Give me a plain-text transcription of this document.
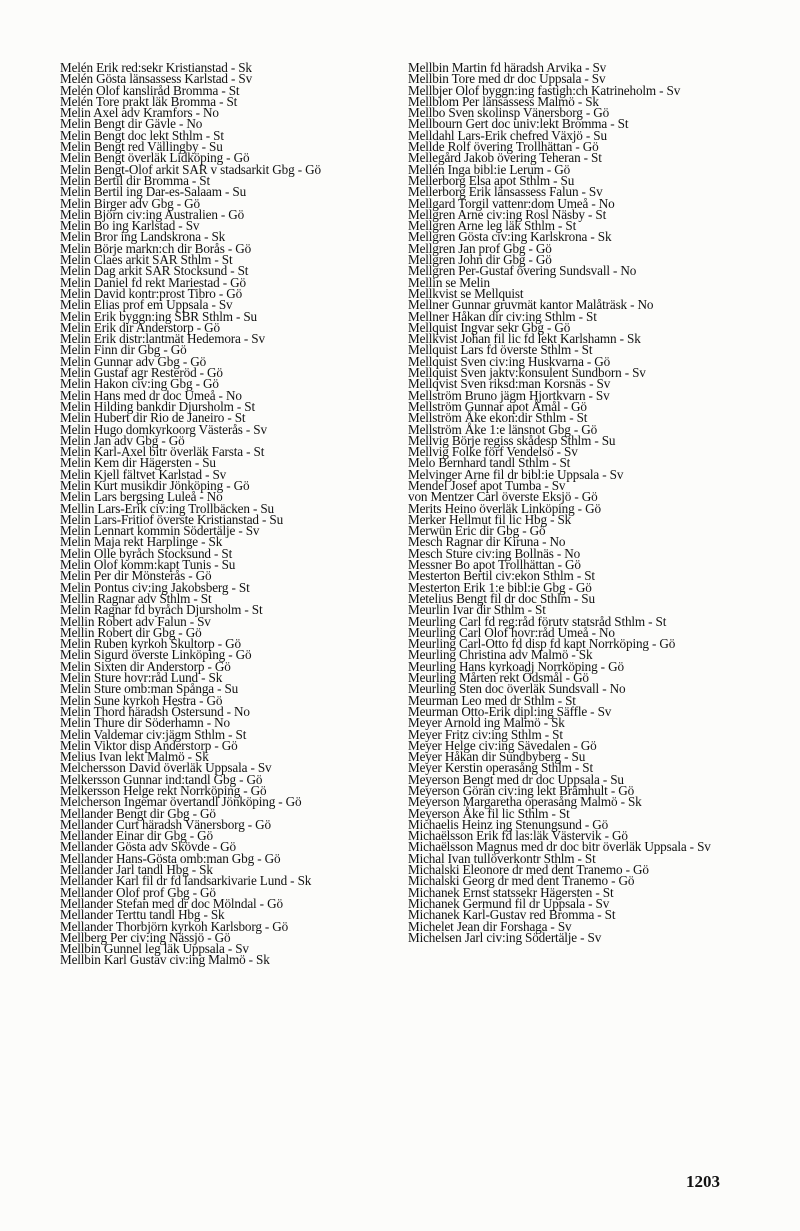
Melén Erik red:sekr Kristianstad - Sk
Melén Gösta länsassess Karlstad - Sv
Melén Olof kansliråd Bromma - St
Melén Tore prakt läk Bromma - St
Melin Axel adv Kramfors - No
Melin Bengt dir Gävle - No
Melin Bengt doc lekt Sthlm - St
Melin Bengt red Vällingby - Su
Melin Bengt överläk Lidköping - Gö
Melin Bengt-Olof arkit SAR v stadsarkit Gbg - Gö
Melin Bertil dir Bromma - St
Melin Bertil ing Dar-es-Salaam - Su
Melin Birger adv Gbg - Gö
Melin Björn civ:ing Australien - Gö
Melin Bo ing Karlstad - Sv
Melin Bror ing Landskrona - Sk
Melin Börje markn:ch dir Borås - Gö
Melin Claes arkit SAR Sthlm - St
Melin Dag arkit SAR Stocksund - St
Melin Daniel fd rekt Mariestad - Gö
Melin David kontr:prost Tibro - Gö
Melin Elias prof em Uppsala - Sv
Melin Erik byggn:ing SBR Sthlm - Su
Melin Erik dir Anderstorp - Gö
Melin Erik distr:lantmät Hedemora - Sv
Melin Finn dir Gbg - Gö
Melin Gunnar adv Gbg - Gö
Melin Gustaf agr Resteröd - Gö
Melin Hakon civ:ing Gbg - Gö
Melin Hans med dr doc Umeå - No
Melin Hilding bankdir Djursholm - St
Melin Hubert dir Rio de Janeiro - St
Melin Hugo domkyrkoorg Västerås - Sv
Melin Jan adv Gbg - Gö
Melin Karl-Axel bitr överläk Farsta - St
Melin Kem dir Hägersten - Su
Melin Kjell fältvet Karlstad - Sv
Melin Kurt musikdir Jönköping - Gö
Melin Lars bergsing Luleå - No
Mellin Lars-Erik civ:ing Trollbäcken - Su
Melin Lars-Fritiof överste Kristianstad - Su
Melin Lennart kommin Södertälje - Sv
Melin Maja rekt Harplinge - Sk
Melin Olle byråch Stocksund - St
Melin Olof komm:kapt Tunis - Su
Melin Per dir Mönsterås - Gö
Melin Pontus civ:ing Jakobsberg - St
Mellin Ragnar adv Sthlm - St
Melin Ragnar fd byråch Djursholm - St
Mellin Robert adv Falun - Sv
Mellin Robert dir Gbg - Gö
Melin Ruben kyrkoh Skultorp - Gö
Melin Sigurd överste Linköping - Gö
Melin Sixten dir Anderstorp - Gö
Melin Sture hovr:råd Lund - Sk
Melin Sture omb:man Spånga - Su
Melin Sune kyrkoh Hestra - Gö
Melin Thord häradsh Östersund - No
Melin Thure dir Söderhamn - No
Melin Valdemar civ:jägm Sthlm - St
Melin Viktor disp Anderstorp - Gö
Melius Ivan lekt Malmö - Sk
Melchersson David överläk Uppsala - Sv
Melkersson Gunnar ind:tandl Gbg - Gö
Melkersson Helge rekt Norrköping - Gö
Melcherson Ingemar övertandl Jönköping - Gö
Mellander Bengt dir Gbg - Gö
Mellander Curt häradsh Vänersborg - Gö
Mellander Einar dir Gbg - Gö
Mellander Gösta adv Skövde - Gö
Mellander Hans-Gösta omb:man Gbg - Gö
Mellander Jarl tandl Hbg - Sk
Mellander Karl fil dr fd landsarkivarie Lund - Sk
Mellander Olof prof Gbg - Gö
Mellander Stefan med dr doc Mölndal - Gö
Mellander Terttu tandl Hbg - Sk
Mellander Thorbjörn kyrkoh Karlsborg - Gö
Mellberg Per civ:ing Nässjö - Gö
Mellbin Gunnel leg läk Uppsala - Sv
Mellbin Karl Gustav civ:ing Malmö - Sk
Mellbin Martin fd häradsh Arvika - Sv
Mellbin Tore med dr doc Uppsala - Sv
Mellbjer Olof byggn:ing fastigh:ch Katrineholm - Sv
Mellblom Per länsassess Malmö - Sk
Mellbo Sven skolinsp Vänersborg - Gö
Mellbourn Gert doc univ:lekt Bromma - St
Melldahl Lars-Erik chefred Växjö - Su
Mellde Rolf övering Trollhättan - Gö
Mellegård Jakob övering Teheran - St
Mellén Inga bibl:ie Lerum - Gö
Mellerborg Elsa apot Sthlm - Su
Mellerborg Erik länsassess Falun - Sv
Mellgard Torgil vattenr:dom Umeå - No
Mellgren Arne civ:ing Rosl Näsby - St
Mellgren Arne leg läk Sthlm - St
Mellgren Gösta civ:ing Karlskrona - Sk
Mellgren Jan prof Gbg - Gö
Mellgren John dir Gbg - Gö
Mellgren Per-Gustaf övering Sundsvall - No
Mellin se Melin
Mellkvist se Mellquist
Mellner Gunnar gruvmät kantor Malåträsk - No
Mellner Håkan dir civ:ing Sthlm - St
Mellquist Ingvar sekr Gbg - Gö
Mellkvist Johan fil lic fd lekt Karlshamn - Sk
Mellquist Lars fd överste Sthlm - St
Mellquist Sven civ:ing Huskvarna - Gö
Mellquist Sven jaktv:konsulent Sundborn - Sv
Mellqvist Sven riksd:man Korsnäs - Sv
Mellström Bruno jägm Hjortkvarn - Sv
Mellström Gunnar apot Åmål - Gö
Mellström Åke ekon:dir Sthlm - St
Mellström Åke 1:e länsnot Gbg - Gö
Mellvig Börje regiss skådesp Sthlm - Su
Mellvig Folke förf Vendelsö - Sv
Melo Bernhard tandl Sthlm - St
Melvinger Arne fil dr bibl:ie Uppsala - Sv
Mendel Josef apot Tumba - Sv
von Mentzer Carl överste Eksjö - Gö
Merits Heino överläk Linköping - Gö
Merker Hellmut fil lic Hbg - Sk
Merwün Eric dir Gbg - Gö
Mesch Ragnar dir Kiruna - No
Mesch Sture civ:ing Bollnäs - No
Messner Bo apot Trollhättan - Gö
Mesterton Bertil civ:ekon Sthlm - St
Mesterton Erik 1:e bibl:ie Gbg - Gö
Metelius Bengt fil dr doc Sthlm - Su
Meurlin Ivar dir Sthlm - St
Meurling Carl fd reg:råd förutv statsråd Sthlm - St
Meurling Carl Olof hovr:råd Umeå - No
Meurling Carl-Otto fd disp fd kapt Norrköping - Gö
Meurling Christina adv Malmö - Sk
Meurling Hans kyrkoadj Norrköping - Gö
Meurling Mårten rekt Ödsmål - Gö
Meurling Sten doc överläk Sundsvall - No
Meurman Leo med dr Sthlm - St
Meurman Otto-Erik dipl:ing Säffle - Sv
Meyer Arnold ing Malmö - Sk
Meyer Fritz civ:ing Sthlm - St
Meyer Helge civ:ing Sävedalen - Gö
Meyer Håkan dir Sundbyberg - Su
Meyer Kerstin operasång Sthlm - St
Meyerson Bengt med dr doc Uppsala - Su
Meyerson Göran civ:ing lekt Brämhult - Gö
Meyerson Margaretha operasång Malmö - Sk
Meyerson Åke fil lic Sthlm - St
Michaelis Heinz ing Stenungsund - Gö
Michaëlsson Erik fd las:läk Västervik - Gö
Michaëlsson Magnus med dr doc bitr överläk Uppsala - Sv
Michal Ivan tullöverkontr Sthlm - St
Michalski Eleonore dr med dent Tranemo - Gö
Michalski Georg dr med dent Tranemo - Gö
Michanek Ernst statssekr Hägersten - St
Michanek Germund fil dr Uppsala - Sv
Michanek Karl-Gustav red Bromma - St
Michelet Jean dir Forshaga - Sv
Michelsen Jarl civ:ing Södertälje - Sv
1203
